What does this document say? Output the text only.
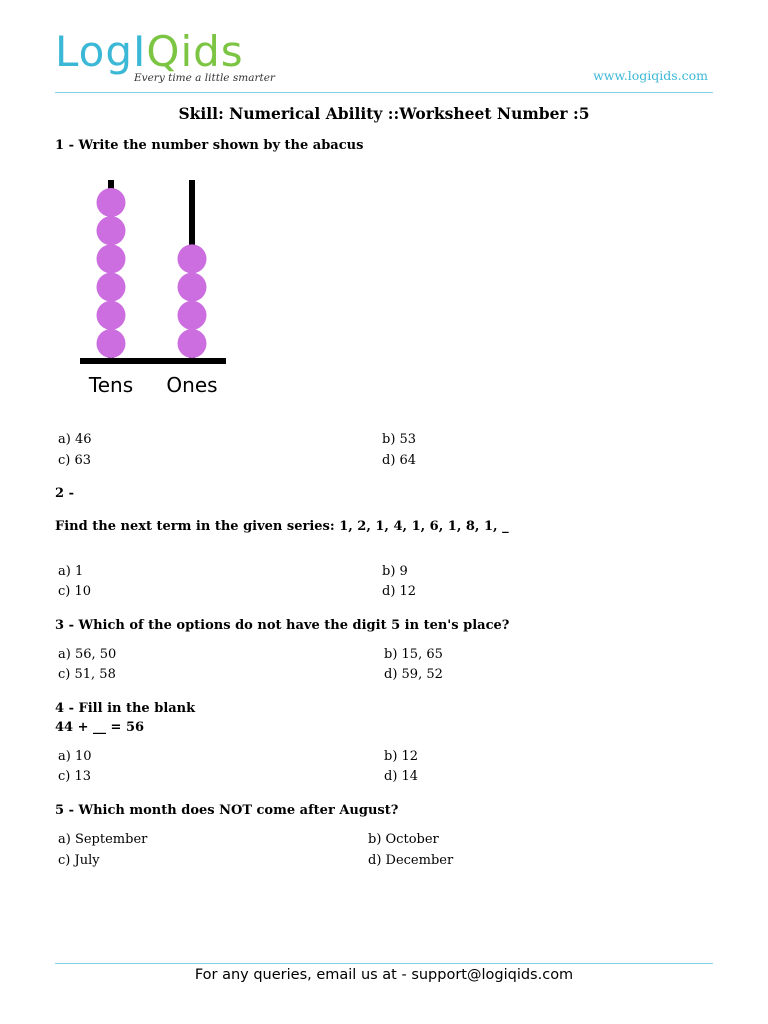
LogIQids
Every time a little smarter	www.logiqids.com
Skill: Numerical Ability ::Worksheet Number :5
1 - Write the number shown by the abacus
Tens Ones
a) 46	b) 53
c) 63	d) 64
2 -
Find the next term in the given series: 1, 2, 1, 4, 1, 6, 1, 8, 1, _
a) 1	b) 9
c) 10	d) 12
3 - Which of the options do not have the digit 5 in ten's place?
a) 56, 50	b) 15, 65
c) 51, 58	d) 59, 52
4 - Fill in the blank
44 + __ = 56
a) 10	b) 12
c) 13	d) 14
5 - Which month does NOT come after August?
a) September	b) October
c) July	d) December
For any queries, email us at - support@logiqids.com
